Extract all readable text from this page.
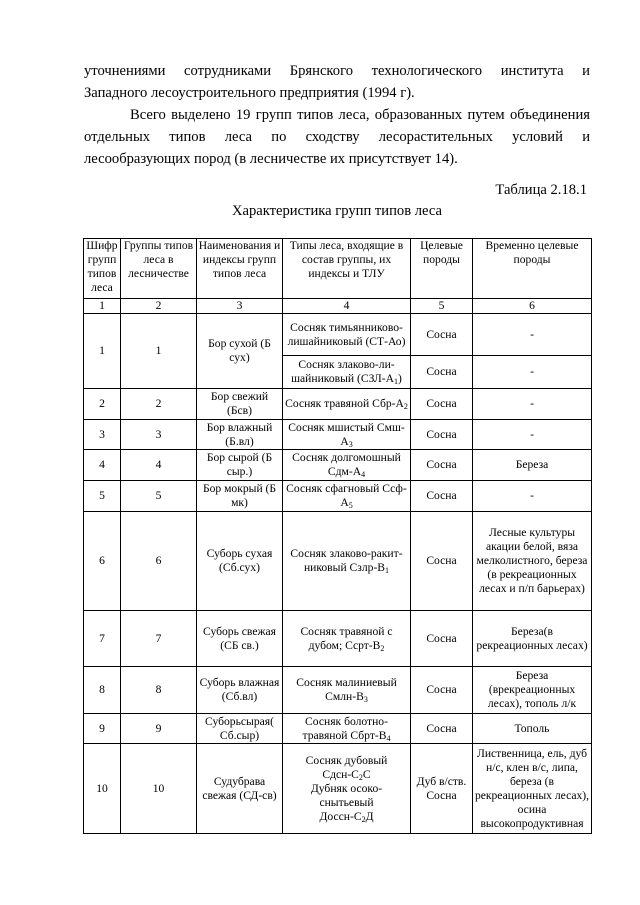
уточнениями сотрудниками Брянского технологического института и

Западного лесоустроительного предприятия (1994 г).

Всего выделено 19 групп типов леса, образованных путем объединения

отдельных типов леса по сходству лесорастительных условий и

лесообразующих пород (в лесничестве их присутствует 14).

Таблица 2.18.1

Характеристика групп типов леса

Шифр групп типов леса	Группы типов леса в лесничестве	Наименования и индексы групп типов леса	Типы леса, входящие в состав группы, их индексы и ТЛУ	Целевые породы	Временно целевые породы
1	2	3	4	5	6
1	1	Бор сухой (Б сух)	Сосняк тимьянниково-лишайниковый (СТ-Ао)	Сосна	-
			Сосняк злаково-ли-шайниковый $(СЗЛ-А_1)$	Сосна	-
2	2	Бор свежий (Бсв)	Сосняк травяной Сбр-$А_2$	Сосна	-
3	3	Бор влажный (Б.вл)	Сосняк мшистый Смш-$А_3$	Сосна	-
4	4	Бор сырой (Б сыр.)	Сосняк долгомошный Сдм-$А_4$	Сосна	Береза
5	5	Бор мокрый (Б мк)	Сосняк сфагновый Ссф-$А_5$	Сосна	-
6	6	Суборь сухая (Сб.сух)	Сосняк злаково-ракит-никовый Сзлр-$В_1$	Сосна	Лесные культуры акации белой, вяза мелколистного, береза (в рекреационных лесах и п/п барьерах)
7	7	Суборь свежая (СБ св.)	Сосняк травяной с дубом; Ссрт-$В_2$	Сосна	Береза(в рекреационных лесах)
8	8	Суборь влажная (Сб.вл)	Сосняк малиниевый Смлн-$В_3$	Сосна	Береза (врекреационных лесах), тополь л/к
9	9	Суборьсырая( Сб.сыр)	Сосняк болотно-травяной Сбрт-$В_4$	Сосна	Тополь
10	10	Судубрава свежая (СД-св)	Сосняк дубовый
Сдсн-$С_2С$
Дубняк осоко-снытьевый
Доссн-$С_2Д$	Дуб в/ств. Сосна	Лиственница, ель, дуб н/с, клен в/с, липа, береза (в рекреационных лесах), осина высокопродуктивная
